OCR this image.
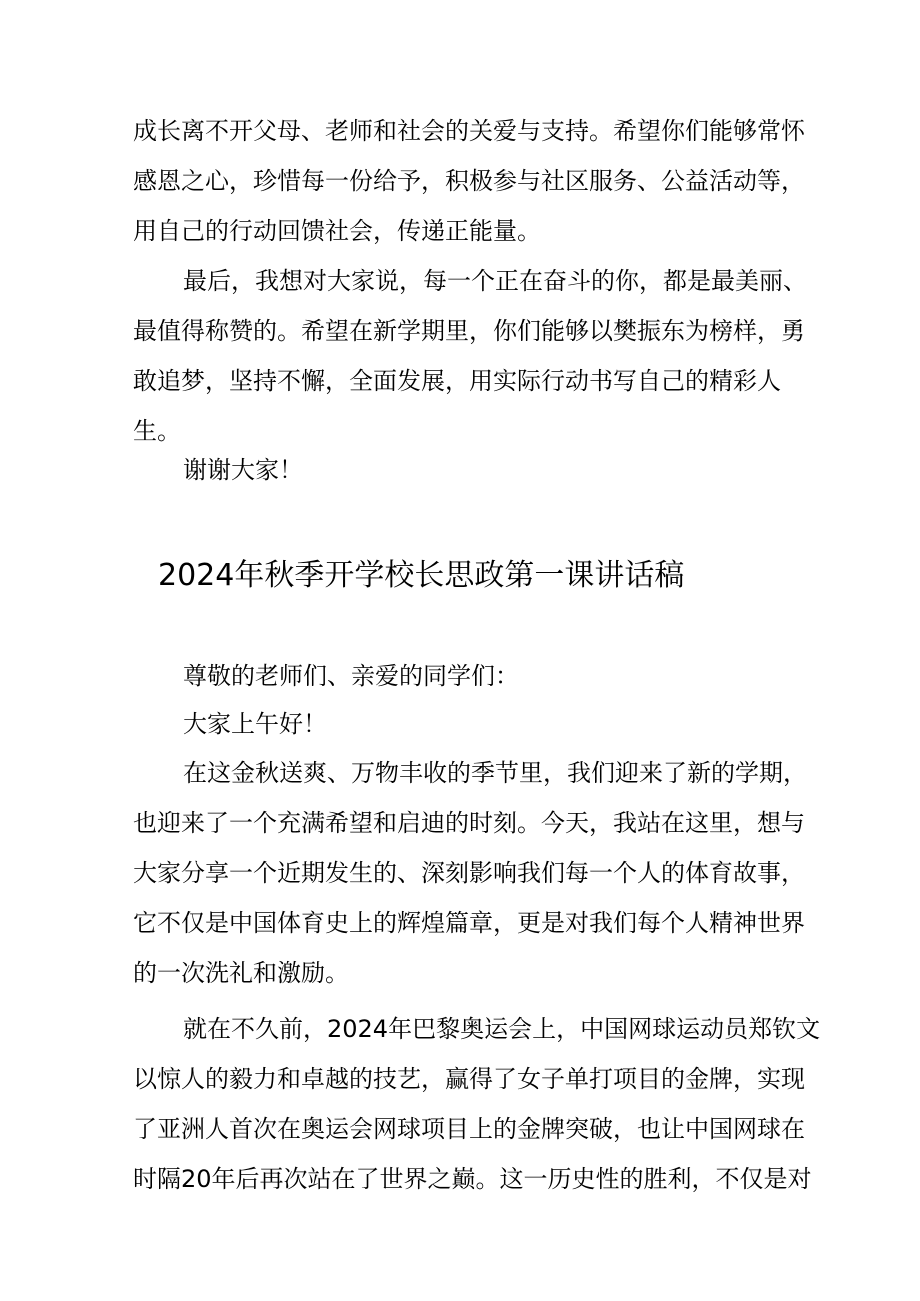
成长离不开父母、老师和社会的关爱与支持。希望你们能够常怀
感恩之心，珍惜每一份给予，积极参与社区服务、公益活动等，
用自己的行动回馈社会，传递正能量。
最后，我想对大家说，每一个正在奋斗的你，都是最美丽、
最值得称赞的。希望在新学期里，你们能够以樊振东为榜样，勇
敢追梦，坚持不懈，全面发展，用实际行动书写自己的精彩人
生。
谢谢大家！
2024年秋季开学校长思政第一课讲话稿
尊敬的老师们、亲爱的同学们：
大家上午好！
在这金秋送爽、万物丰收的季节里，我们迎来了新的学期，
也迎来了一个充满希望和启迪的时刻。今天，我站在这里，想与
大家分享一个近期发生的、深刻影响我们每一个人的体育故事，
它不仅是中国体育史上的辉煌篇章，更是对我们每个人精神世界
的一次洗礼和激励。
就在不久前，2024年巴黎奥运会上，中国网球运动员郑钦文
以惊人的毅力和卓越的技艺，赢得了女子单打项目的金牌，实现
了亚洲人首次在奥运会网球项目上的金牌突破，也让中国网球在
时隔20年后再次站在了世界之巅。这一历史性的胜利，不仅是对
